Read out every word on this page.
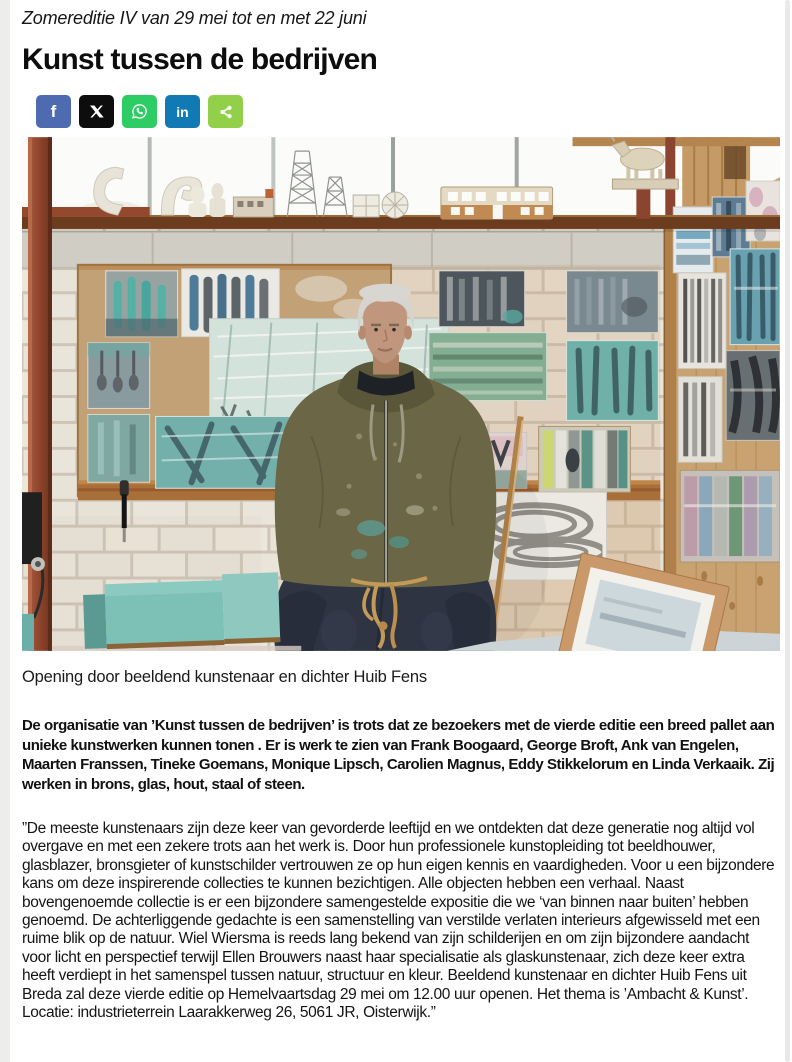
Zomereditie IV van 29 mei tot en met 22 juni

Kunst tussen de bedrijven
f	in
Opening door beeldend kunstenaar en dichter Huib Fens

De organisatie van ’Kunst tussen de bedrijven’ is trots dat ze bezoekers met de vierde editie een breed pallet aan unieke kunstwerken kunnen tonen . Er is werk te zien van Frank Boogaard, George Broft, Ank van Engelen, Maarten Franssen, Tineke Goemans, Monique Lipsch, Carolien Magnus, Eddy Stikkelorum en Linda Verkaaik. Zij werken in brons, glas, hout, staal of steen.

”De meeste kunstenaars zijn deze keer van gevorderde leeftijd en we ontdekten dat deze generatie nog altijd vol overgave en met een zekere trots aan het werk is. Door hun professionele kunstopleiding tot beeldhouwer, glasblazer, bronsgieter of kunstschilder vertrouwen ze op hun eigen kennis en vaardigheden. Voor u een bijzondere kans om deze inspirerende collecties te kunnen bezichtigen. Alle objecten hebben een verhaal. Naast bovengenoemde collectie is er een bijzondere samengestelde expositie die we ‘van binnen naar buiten’ hebben genoemd. De achterliggende gedachte is een samenstelling van verstilde verlaten interieurs afgewisseld met een ruime blik op de natuur. Wiel Wiersma is reeds lang bekend van zijn schilderijen en om zijn bijzondere aandacht voor licht en perspectief terwijl Ellen Brouwers naast haar specialisatie als glaskunstenaar, zich deze keer extra heeft verdiept in het samenspel tussen natuur, structuur en kleur. Beeldend kunstenaar en dichter Huib Fens uit Breda zal deze vierde editie op Hemelvaartsdag 29 mei om 12.00 uur openen. Het thema is ’Ambacht & Kunst’. Locatie: industrieterrein Laarakkerweg 26, 5061 JR, Oisterwijk.”
